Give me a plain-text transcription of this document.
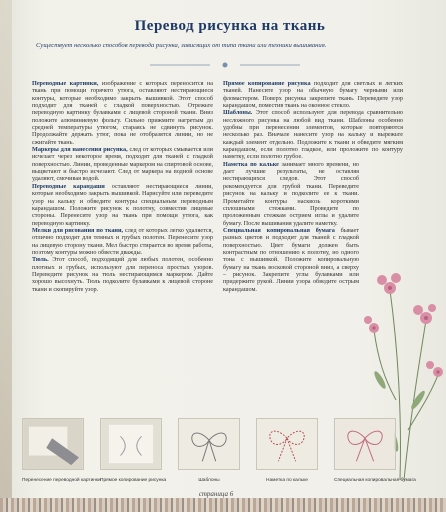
Перевод рисунка на ткань
Существует несколько способов перевода рисунка, зависящих от типа ткани или техники вышивания.

Переводные картинки, изображение с которых переносится на ткань при помощи горячего утюга, оставляют нестирающиеся контуры, которые необходимо закрыть вышивкой. Этот способ подходит для тканей с гладкой поверхностью. Отрежьте переводную картинку булавками с лицевой стороной ткани. Вниз положите алюминиевую фольгу. Сильно прижмите нагретым до средней температуры утюгом, стараясь не сдвинуть рисунок. Продолжайте держать утюг, пока не отобразятся линии, но не сжигайте ткань.

Маркеры для нанесения рисунка, след от которых смывается или исчезает через некоторое время, подходят для тканей с гладкой поверхностью. Линии, проведенные маркером на спиртовой основе, выцветают и быстро исчезают. След от маркера на водной основе удаляют, смочивая водой.

Переводные карандаши оставляют нестирающиеся линии, которые необходимо закрыть вышивкой. Нарисуйте или переведите узор на кальку и обведите контуры специальным переводным карандашом. Положите рисунок к полотну, совместив лицевые стороны. Перенесите узор на ткань при помощи утюга, как переводную картинку.

Мелки для рисования по ткани, след от которых легко удаляется, отлично подходят для темных и грубых полотен. Перенесите узор на лицевую сторону ткани. Мел быстро стирается во время работы, поэтому контуры можно обвести дважды.

Тюль. Этот способ, подходящий для любых полотен, особенно плотных и грубых, используют для переноса простых узоров. Переведите рисунок на тюль нестирающимся маркером. Дайте хорошо высохнуть. Тюль подколите булавками к лицевой стороне ткани и скопируйте узор.

Прямое копирование рисунка подходит для светлых и легких тканей. Нанесите узор на обычную бумагу черными или фломастером. Поверх рисунка закрепите ткань. Переведите узор карандашом, поместив ткань на оконное стекло.

Шаблоны. Этот способ используют для перевода сравнительно несложного рисунка на любой вид ткани. Шаблоны особенно удобны при перенесении элементов, которые повторяются несколько раз. Вначале нанесите узор на кальку и вырежьте каждый элемент отдельно. Подложите к ткани и обведите мягким карандашом, если полотно гладкое, или проложите по контуру наметку, если полотно грубое.

Наметка по кальке занимает много времени, но дает лучшие результаты, не оставляя нестирающихся следов. Этот способ рекомендуется для грубой ткани. Переведите рисунок на кальку и подколите ее к ткани. Прометайте контуры насквозь короткими сплошными стежками. Проведите по проложенным стежкам острием иглы и удалите бумагу. После вышивания удалите наметку.

Специальная копировальная бумага бывает разных цветов и подходит для тканей с гладкой поверхностью. Цвет бумаги должен быть контрастным по отношению к полотну, но одного тона с вышивкой. Положите копировальную бумагу на ткань восковой стороной вниз, а сверху – рисунок. Закрепите углы булавками или придержите рукой. Линии узора обведите острым карандашом.

Перенесение переводной картинки Прямое копирование рисунка	Шаблоны	Наметка по кальке	Специальная копировальная бумага
страница 6
